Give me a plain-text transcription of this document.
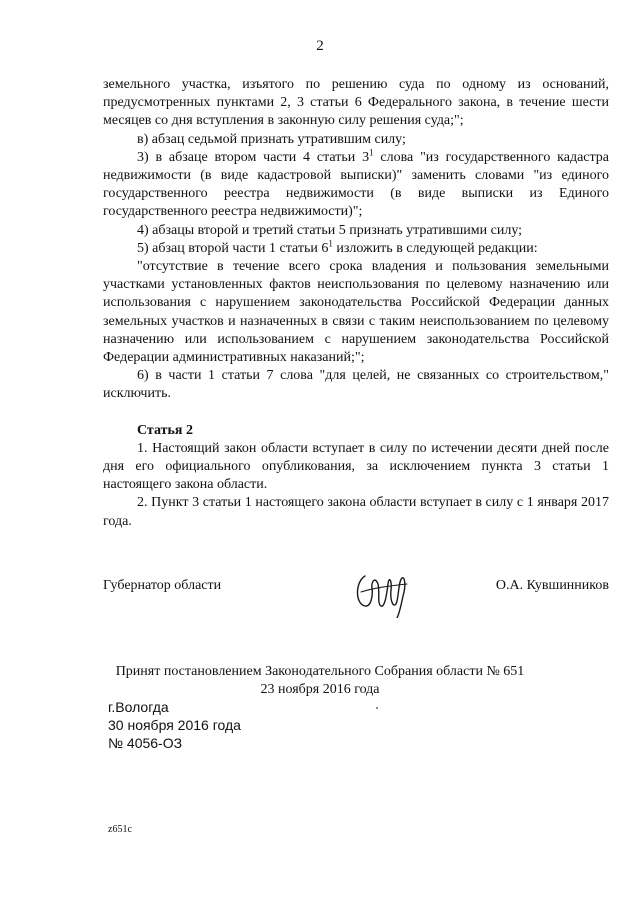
2

земельного участка, изъятого по решению суда по одному из оснований, предусмотренных пунктами 2, 3 статьи 6 Федерального закона, в течение шести месяцев со дня вступления в законную силу решения суда;";

в) абзац седьмой признать утратившим силу;

3) в абзаце втором части 4 статьи $3^1$ слова "из государственного кадастра недвижимости (в виде кадастровой выписки)" заменить словами "из единого государственного реестра недвижимости (в виде выписки из Единого государственного реестра недвижимости)";

4) абзацы второй и третий статьи 5 признать утратившими силу;

5) абзац второй части 1 статьи $6^1$ изложить в следующей редакции:

"отсутствие в течение всего срока владения и пользования земельными участками установленных фактов неиспользования по целевому назначению или использования с нарушением законодательства Российской Федерации данных земельных участков и назначенных в связи с таким неиспользованием по целевому назначению или использованием с нарушением законодательства Российской Федерации административных наказаний;";

6) в части 1 статьи 7 слова "для целей, не связанных со строительством," исключить.

Статья 2

1. Настоящий закон области вступает в силу по истечении десяти дней после дня его официального опубликования, за исключением пункта 3 статьи 1 настоящего закона области.

2. Пункт 3 статьи 1 настоящего закона области вступает в силу с 1 января 2017 года.

Губернатор области	О.А. Кувшинников
Принят постановлением Законодательного Собрания области № 651
23 ноября 2016 года
г.Вологда
30 ноября 2016 года
№ 4056-ОЗ
z651c
